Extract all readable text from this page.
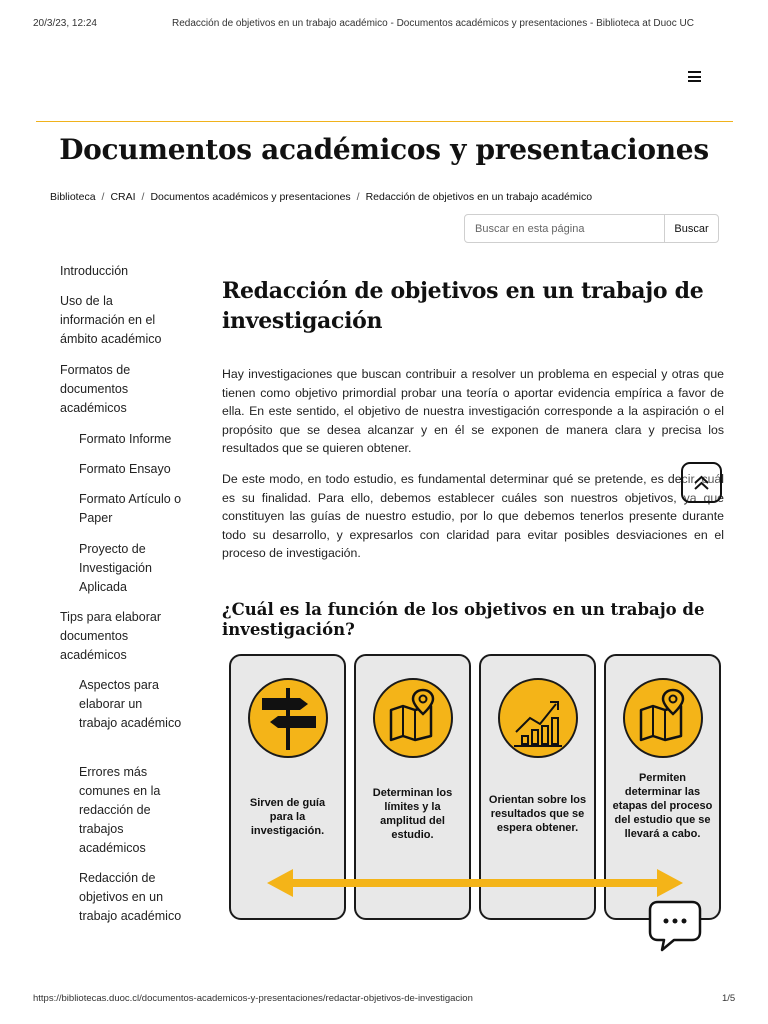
20/3/23, 12:24	Redacción de objetivos en un trabajo académico - Documentos académicos y presentaciones - Biblioteca at Duoc UC
Documentos académicos y presentaciones
Biblioteca / CRAI / Documentos académicos y presentaciones / Redacción de objetivos en un trabajo académico
Buscar en esta página
Buscar
Introducción
Uso de la información en el ámbito académico
Formatos de documentos académicos
Formato Informe
Formato Ensayo
Formato Artículo o Paper
Proyecto de Investigación Aplicada
Tips para elaborar documentos académicos
Aspectos para elaborar un trabajo académico
Errores más comunes en la redacción de trabajos académicos
Redacción de objetivos en un trabajo académico
Redacción de objetivos en un trabajo de investigación

Hay investigaciones que buscan contribuir a resolver un problema en especial y otras que tienen como objetivo primordial probar una teoría o aportar evidencia empírica a favor de ella. En este sentido, el objetivo de nuestra investigación corresponde a la aspiración o el propósito que se desea alcanzar y en él se exponen de manera clara y precisa los resultados que se quieren obtener.

De este modo, en todo estudio, es fundamental determinar qué se pretende, es decir, cuál es su finalidad. Para ello, debemos establecer cuáles son nuestros objetivos, ya que constituyen las guías de nuestro estudio, por lo que debemos tenerlos presente durante todo su desarrollo, y expresarlos con claridad para evitar posibles desviaciones en el proceso de investigación.

¿Cuál es la función de los objetivos en un trabajo de investigación?
Sirven de guía para la investigación.
Determinan los límites y la amplitud del estudio.
Orientan sobre los resultados que se espera obtener.
Permiten determinar las etapas del proceso del estudio que se llevará a cabo.
https://bibliotecas.duoc.cl/documentos-academicos-y-presentaciones/redactar-objetivos-de-investigacion	1/5
